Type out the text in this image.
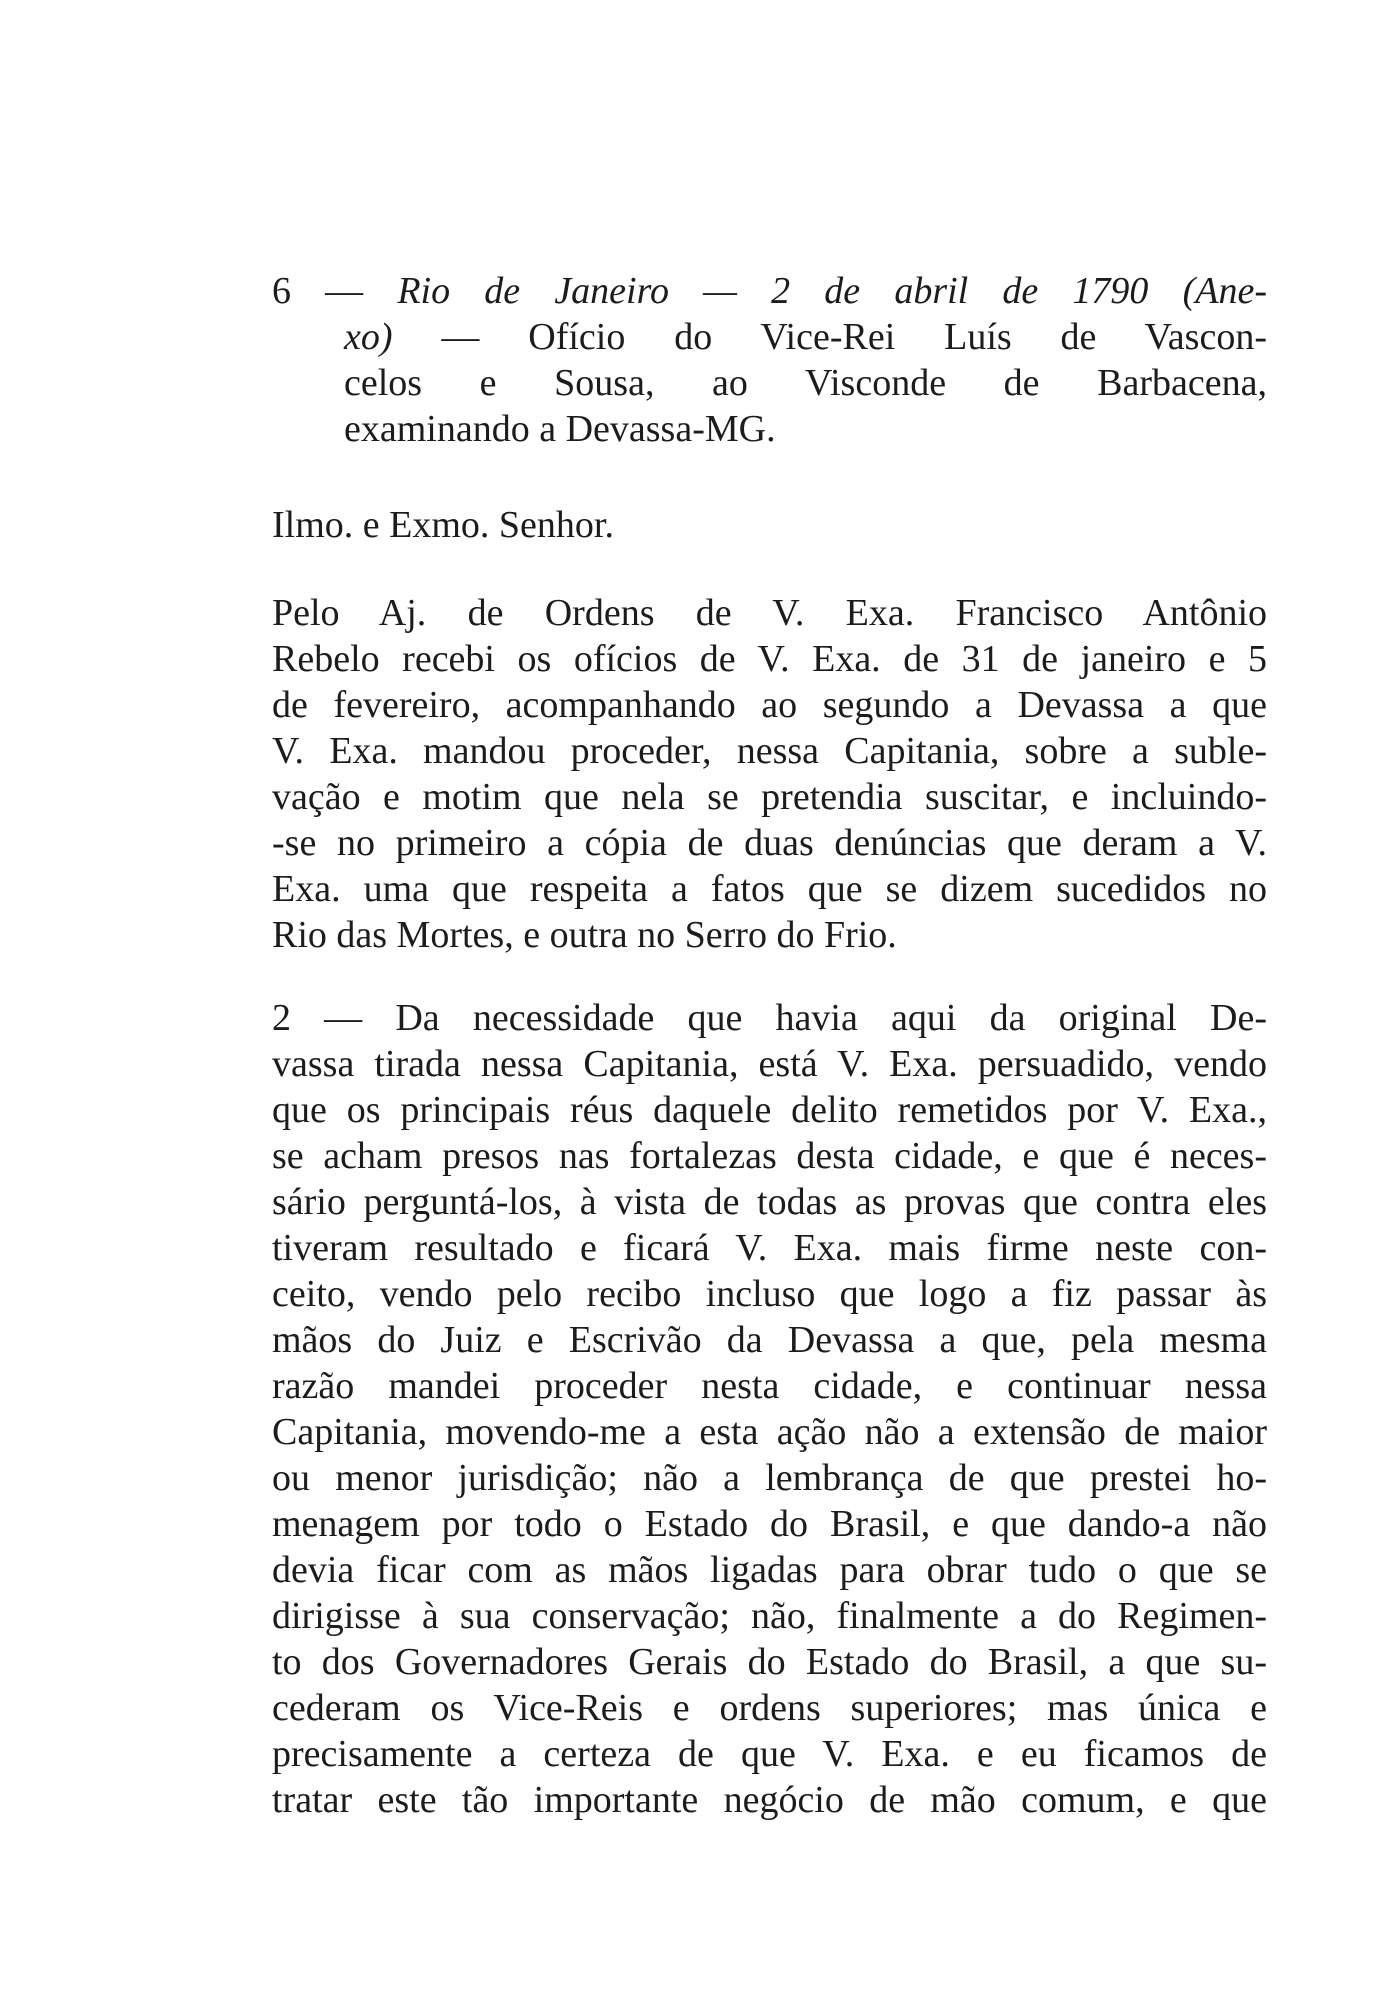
6 — Rio de Janeiro — 2 de abril de 1790 (Ane-
xo) — Ofício do Vice-Rei Luís de Vascon-
celos e Sousa, ao Visconde de Barbacena,
examinando a Devassa-MG.
Ilmo. e Exmo. Senhor.
Pelo Aj. de Ordens de V. Exa. Francisco Antônio
Rebelo recebi os ofícios de V. Exa. de 31 de janeiro e 5
de fevereiro, acompanhando ao segundo a Devassa a que
V. Exa. mandou proceder, nessa Capitania, sobre a suble-
vação e motim que nela se pretendia suscitar, e incluindo-
-se no primeiro a cópia de duas denúncias que deram a V.
Exa. uma que respeita a fatos que se dizem sucedidos no
Rio das Mortes, e outra no Serro do Frio.
2 — Da necessidade que havia aqui da original De-
vassa tirada nessa Capitania, está V. Exa. persuadido, vendo
que os principais réus daquele delito remetidos por V. Exa.,
se acham presos nas fortalezas desta cidade, e que é neces-
sário perguntá-los, à vista de todas as provas que contra eles
tiveram resultado e ficará V. Exa. mais firme neste con-
ceito, vendo pelo recibo incluso que logo a fiz passar às
mãos do Juiz e Escrivão da Devassa a que, pela mesma
razão mandei proceder nesta cidade, e continuar nessa
Capitania, movendo-me a esta ação não a extensão de maior
ou menor jurisdição; não a lembrança de que prestei ho-
menagem por todo o Estado do Brasil, e que dando-a não
devia ficar com as mãos ligadas para obrar tudo o que se
dirigisse à sua conservação; não, finalmente a do Regimen-
to dos Governadores Gerais do Estado do Brasil, a que su-
cederam os Vice-Reis e ordens superiores; mas única e
precisamente a certeza de que V. Exa. e eu ficamos de
tratar este tão importante negócio de mão comum, e que
